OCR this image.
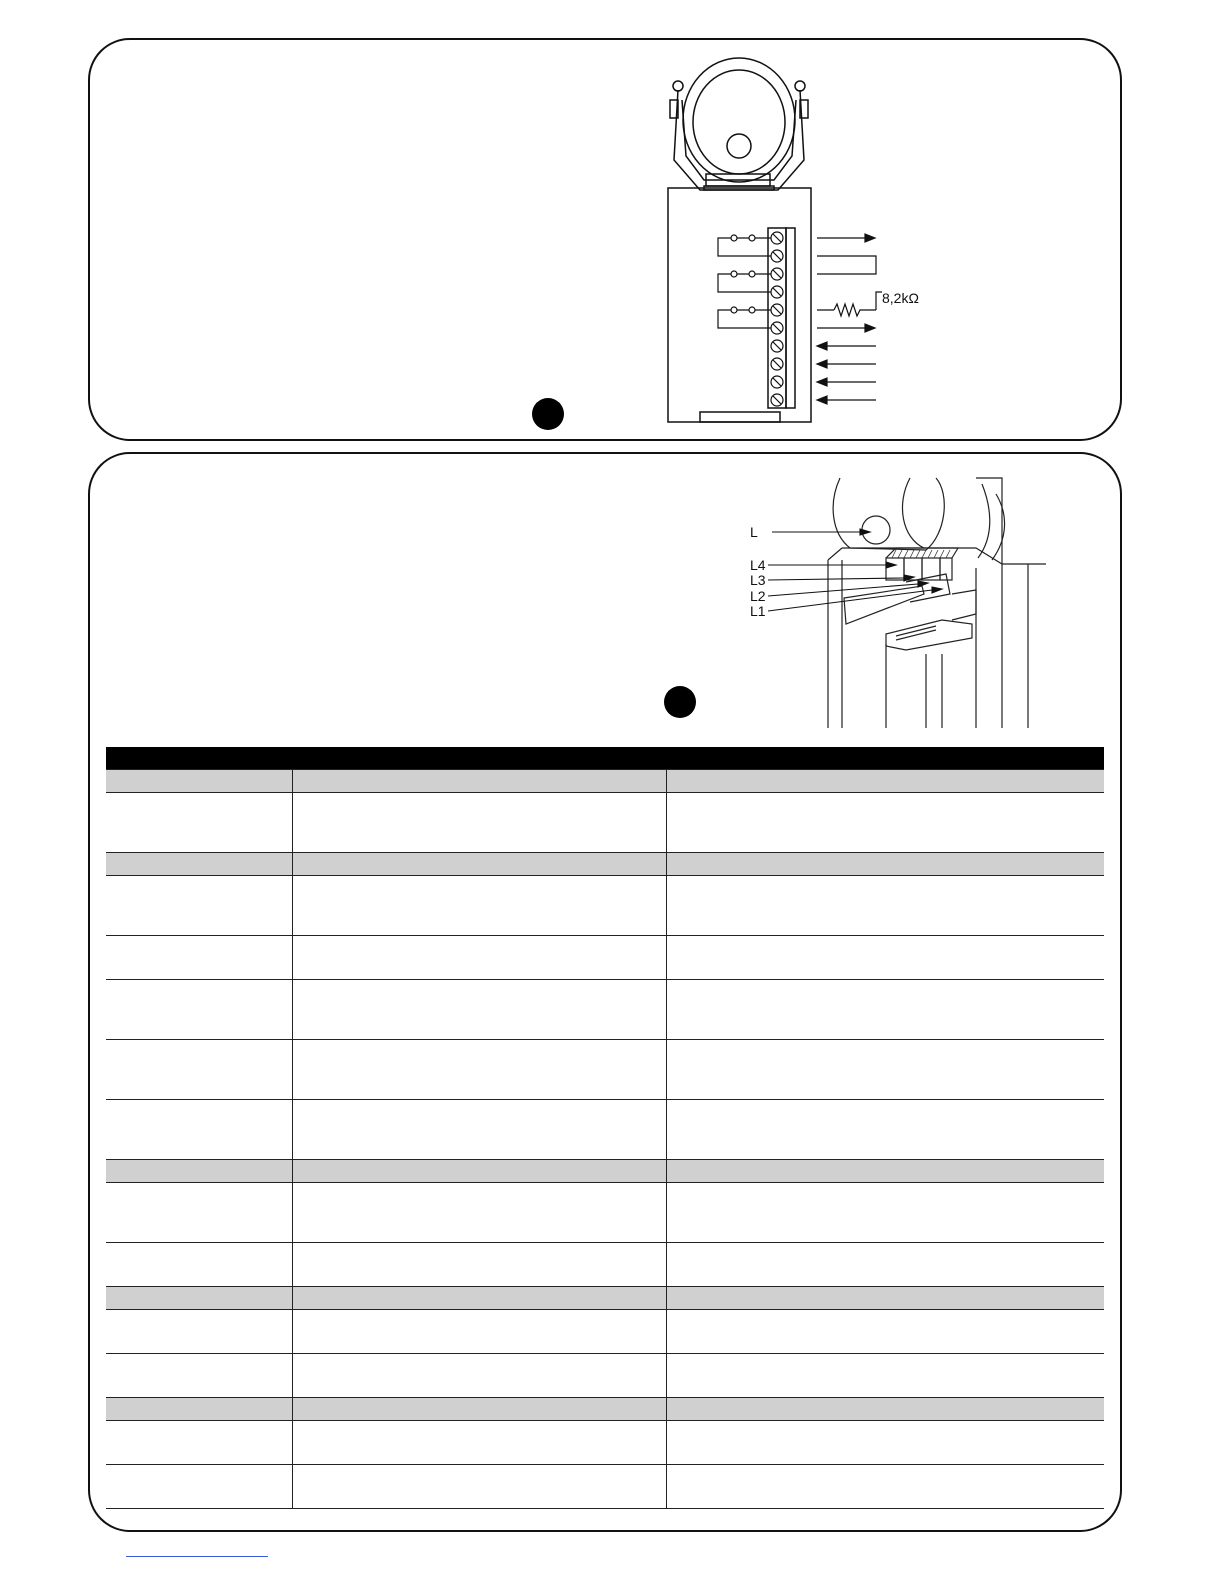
8,2kΩ
L
L4
L3
L2
L1
